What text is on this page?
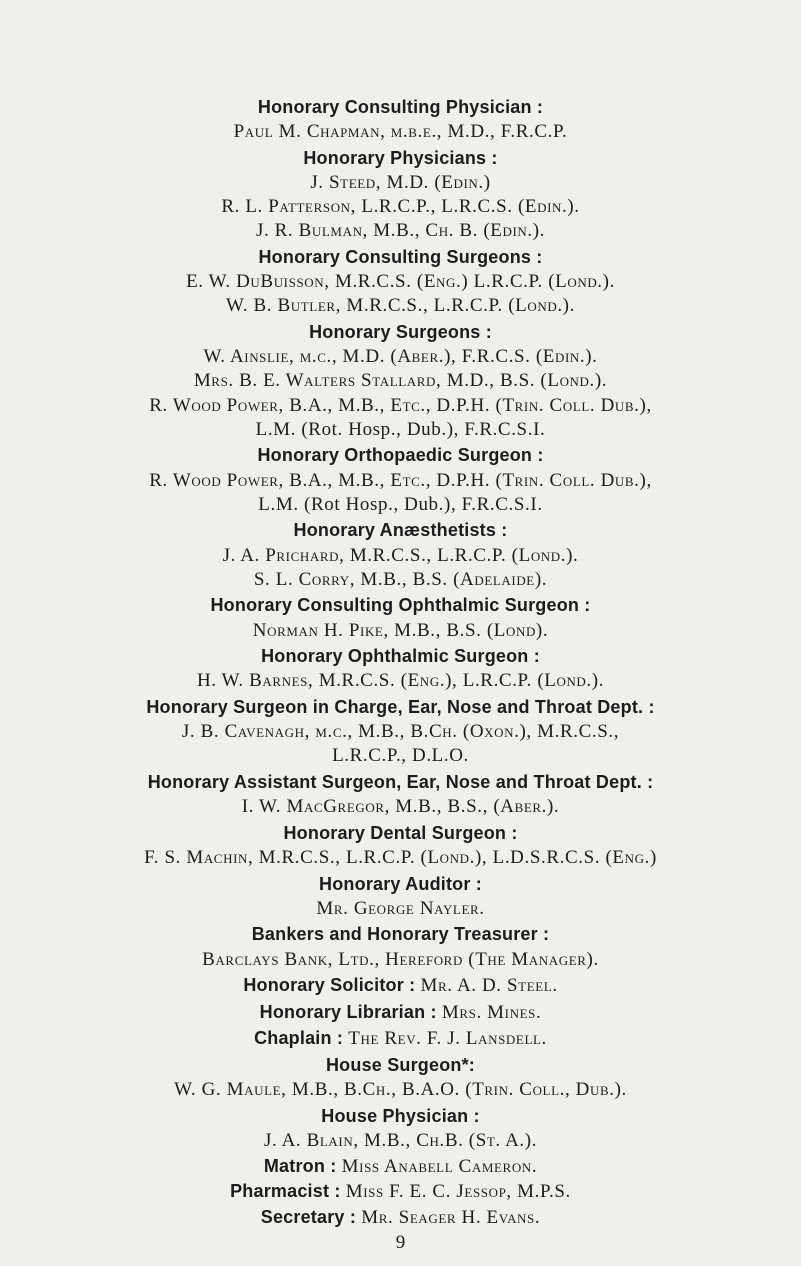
Honorary Consulting Physician :
Paul M. Chapman, m.b.e., M.D., F.R.C.P.
Honorary Physicians :
J. Steed, M.D. (Edin.)
R. L. Patterson, L.R.C.P., L.R.C.S. (Edin.).
J. R. Bulman, M.B., Ch. B. (Edin.).
Honorary Consulting Surgeons :
E. W. DuBuisson, M.R.C.S. (Eng.) L.R.C.P. (Lond.).
W. B. Butler, M.R.C.S., L.R.C.P. (Lond.).
Honorary Surgeons :
W. Ainslie, m.c., M.D. (Aber.), F.R.C.S. (Edin.).
Mrs. B. E. Walters Stallard, M.D., B.S. (Lond.).
R. Wood Power, B.A., M.B., Etc., D.P.H. (Trin. Coll. Dub.),
L.M. (Rot. Hosp., Dub.), F.R.C.S.I.
Honorary Orthopaedic Surgeon :
R. Wood Power, B.A., M.B., Etc., D.P.H. (Trin. Coll. Dub.),
L.M. (Rot Hosp., Dub.), F.R.C.S.I.
Honorary Anæsthetists :
J. A. Prichard, M.R.C.S., L.R.C.P. (Lond.).
S. L. Corry, M.B., B.S. (Adelaide).
Honorary Consulting Ophthalmic Surgeon :
Norman H. Pike, M.B., B.S. (Lond).
Honorary Ophthalmic Surgeon :
H. W. Barnes, M.R.C.S. (Eng.), L.R.C.P. (Lond.).
Honorary Surgeon in Charge, Ear, Nose and Throat Dept. :
J. B. Cavenagh, m.c., M.B., B.Ch. (Oxon.), M.R.C.S.,
L.R.C.P., D.L.O.
Honorary Assistant Surgeon, Ear, Nose and Throat Dept. :
I. W. MacGregor, M.B., B.S., (Aber.).
Honorary Dental Surgeon :
F. S. Machin, M.R.C.S., L.R.C.P. (Lond.), L.D.S.R.C.S. (Eng.)
Honorary Auditor :
Mr. George Nayler.
Bankers and Honorary Treasurer :
Barclays Bank, Ltd., Hereford (The Manager).
Honorary Solicitor : Mr. A. D. Steel.
Honorary Librarian : Mrs. Mines.
Chaplain : The Rev. F. J. Lansdell.
House Surgeon*:
W. G. Maule, M.B., B.Ch., B.A.O. (Trin. Coll., Dub.).
House Physician :
J. A. Blain, M.B., Ch.B. (St. A.).
Matron : Miss Anabell Cameron.
Pharmacist : Miss F. E. C. Jessop, M.P.S.
Secretary : Mr. Seager H. Evans.
9
